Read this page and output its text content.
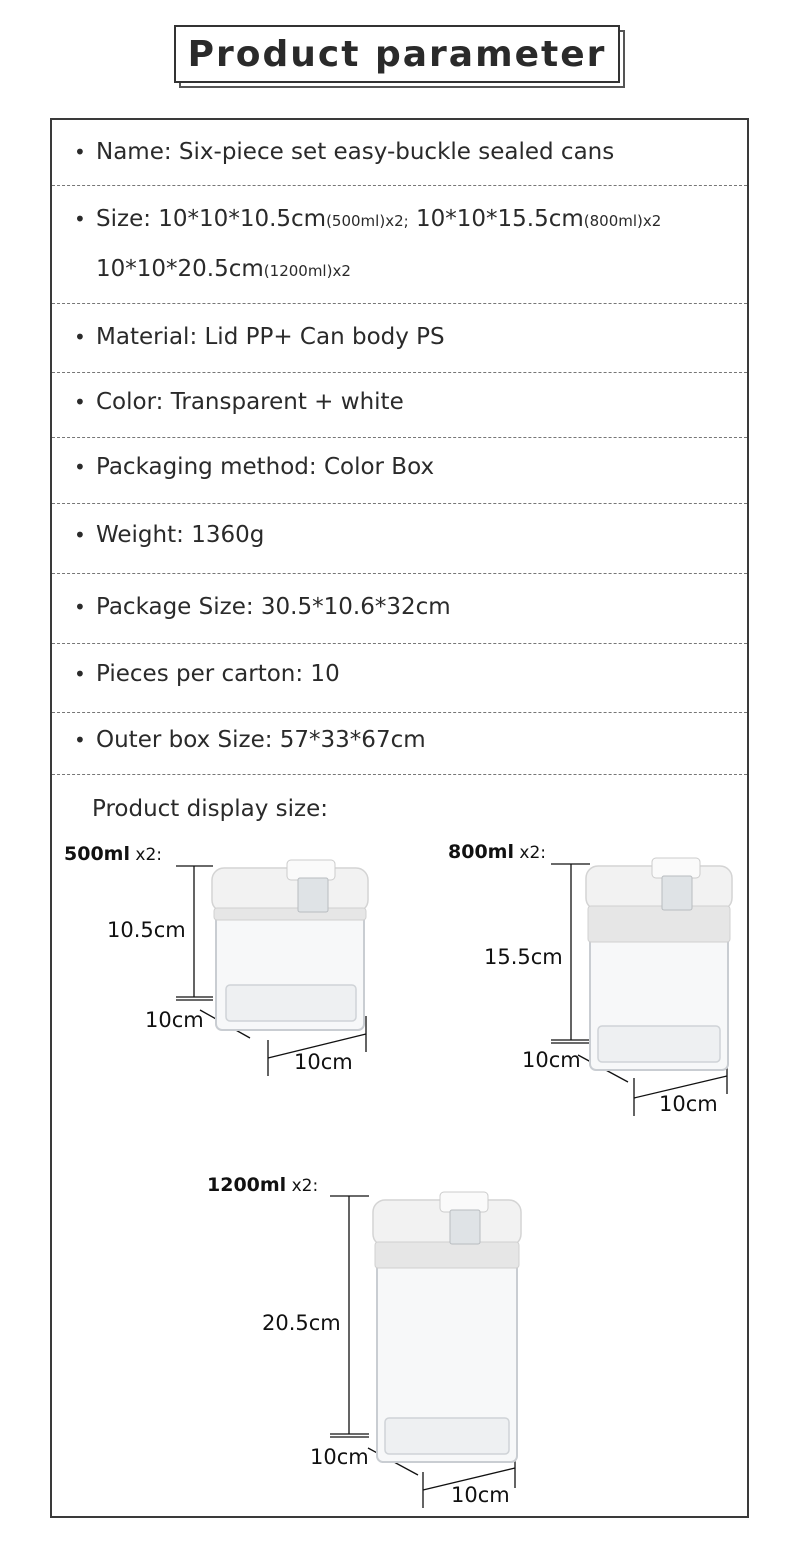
Product parameter
• Name: Six-piece set easy-buckle sealed cans
• Size: 10*10*10.5cm(500ml)x2; 10*10*15.5cm(800ml)x2
10*10*20.5cm(1200ml)x2
• Material: Lid PP+ Can body PS
• Color: Transparent + white
• Packaging method: Color Box
• Weight: 1360g
• Package Size: 30.5*10.6*32cm
• Pieces per carton: 10
• Outer box Size: 57*33*67cm
Product display size:
500ml x2:
10.5cm
10cm
10cm
800ml x2:
15.5cm
10cm
10cm
1200ml x2:
20.5cm
10cm
10cm
